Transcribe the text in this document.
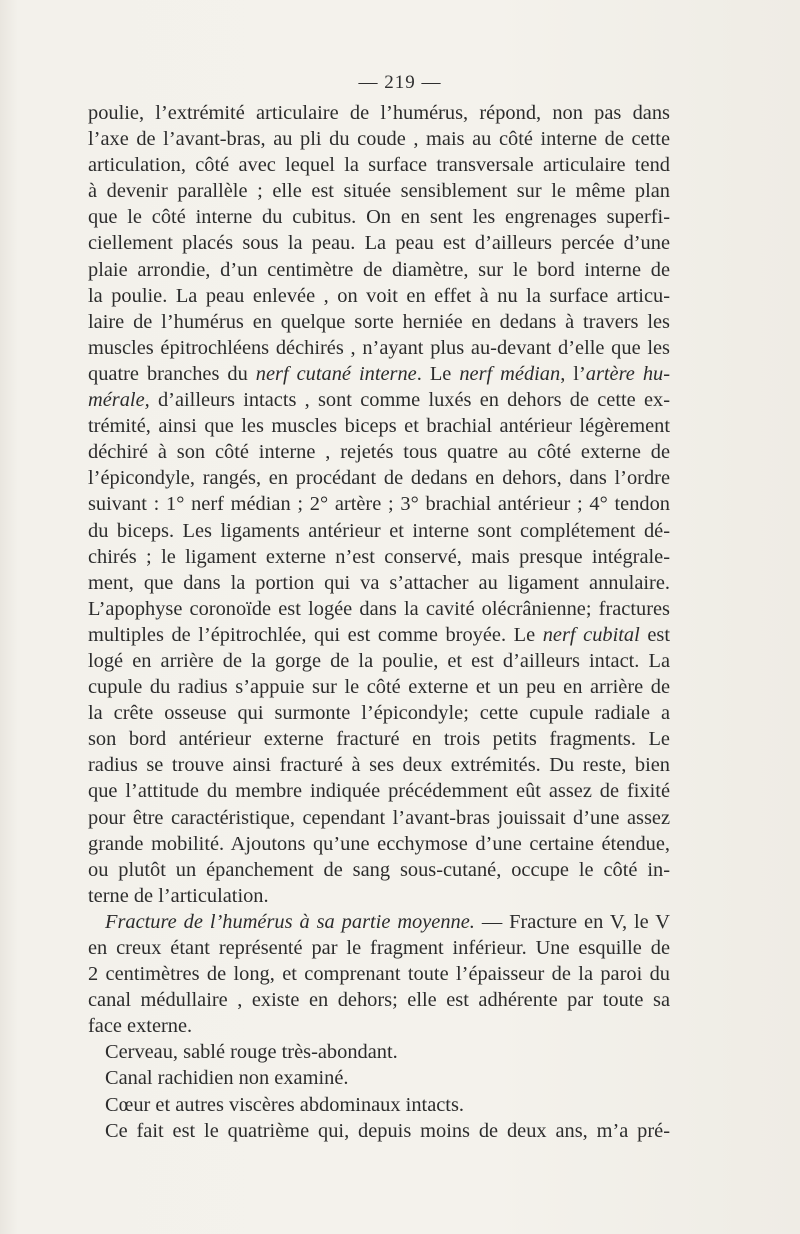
— 219 —
poulie, l’extrémité articulaire de l’humérus, répond, non pas dans
l’axe de l’avant-bras, au pli du coude , mais au côté interne de cette
articulation, côté avec lequel la surface transversale articulaire tend
à devenir parallèle ; elle est située sensiblement sur le même plan
que le côté interne du cubitus. On en sent les engrenages superfi-
ciellement placés sous la peau. La peau est d’ailleurs percée d’une
plaie arrondie, d’un centimètre de diamètre, sur le bord interne de
la poulie. La peau enlevée , on voit en effet à nu la surface articu-
laire de l’humérus en quelque sorte herniée en dedans à travers les
muscles épitrochléens déchirés , n’ayant plus au-devant d’elle que les
quatre branches du nerf cutané interne. Le nerf médian, l’artère hu-
mérale, d’ailleurs intacts , sont comme luxés en dehors de cette ex-
trémité, ainsi que les muscles biceps et brachial antérieur légèrement
déchiré à son côté interne , rejetés tous quatre au côté externe de
l’épicondyle, rangés, en procédant de dedans en dehors, dans l’ordre
suivant : 1° nerf médian ; 2° artère ; 3° brachial antérieur ; 4° tendon
du biceps. Les ligaments antérieur et interne sont complétement dé-
chirés ; le ligament externe n’est conservé, mais presque intégrale-
ment, que dans la portion qui va s’attacher au ligament annulaire.
L’apophyse coronoïde est logée dans la cavité olécrânienne; fractures
multiples de l’épitrochlée, qui est comme broyée. Le nerf cubital est
logé en arrière de la gorge de la poulie, et est d’ailleurs intact. La
cupule du radius s’appuie sur le côté externe et un peu en arrière de
la crête osseuse qui surmonte l’épicondyle; cette cupule radiale a
son bord antérieur externe fracturé en trois petits fragments. Le
radius se trouve ainsi fracturé à ses deux extrémités. Du reste, bien
que l’attitude du membre indiquée précédemment eût assez de fixité
pour être caractéristique, cependant l’avant-bras jouissait d’une assez
grande mobilité. Ajoutons qu’une ecchymose d’une certaine étendue,
ou plutôt un épanchement de sang sous-cutané, occupe le côté in-
terne de l’articulation.
Fracture de l’humérus à sa partie moyenne. — Fracture en V, le V
en creux étant représenté par le fragment inférieur. Une esquille de
2 centimètres de long, et comprenant toute l’épaisseur de la paroi du
canal médullaire , existe en dehors; elle est adhérente par toute sa
face externe.
Cerveau, sablé rouge très-abondant.
Canal rachidien non examiné.
Cœur et autres viscères abdominaux intacts.
Ce fait est le quatrième qui, depuis moins de deux ans, m’a pré-
